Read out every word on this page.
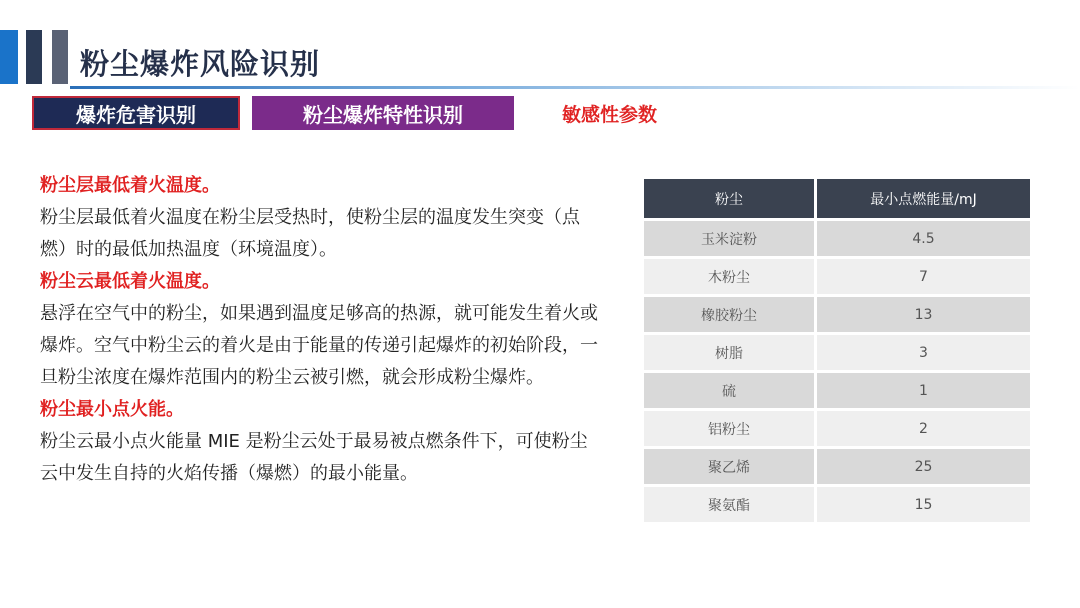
粉尘爆炸风险识别
爆炸危害识别	粉尘爆炸特性识别	敏感性参数

粉尘层最低着火温度。

粉尘层最低着火温度在粉尘层受热时，使粉尘层的温度发生突变（点燃）时的最低加热温度（环境温度）。

粉尘云最低着火温度。

悬浮在空气中的粉尘，如果遇到温度足够高的热源，就可能发生着火或爆炸。空气中粉尘云的着火是由于能量的传递引起爆炸的初始阶段，一旦粉尘浓度在爆炸范围内的粉尘云被引燃，就会形成粉尘爆炸。

粉尘最小点火能。

粉尘云最小点火能量 MIE 是粉尘云处于最易被点燃条件下，可使粉尘云中发生自持的火焰传播（爆燃）的最小能量。

粉尘	最小点燃能量/mJ
玉米淀粉	4.5
木粉尘	7
橡胶粉尘	13
树脂	3
硫	1
铝粉尘	2
聚乙烯	25
聚氨酯	15
